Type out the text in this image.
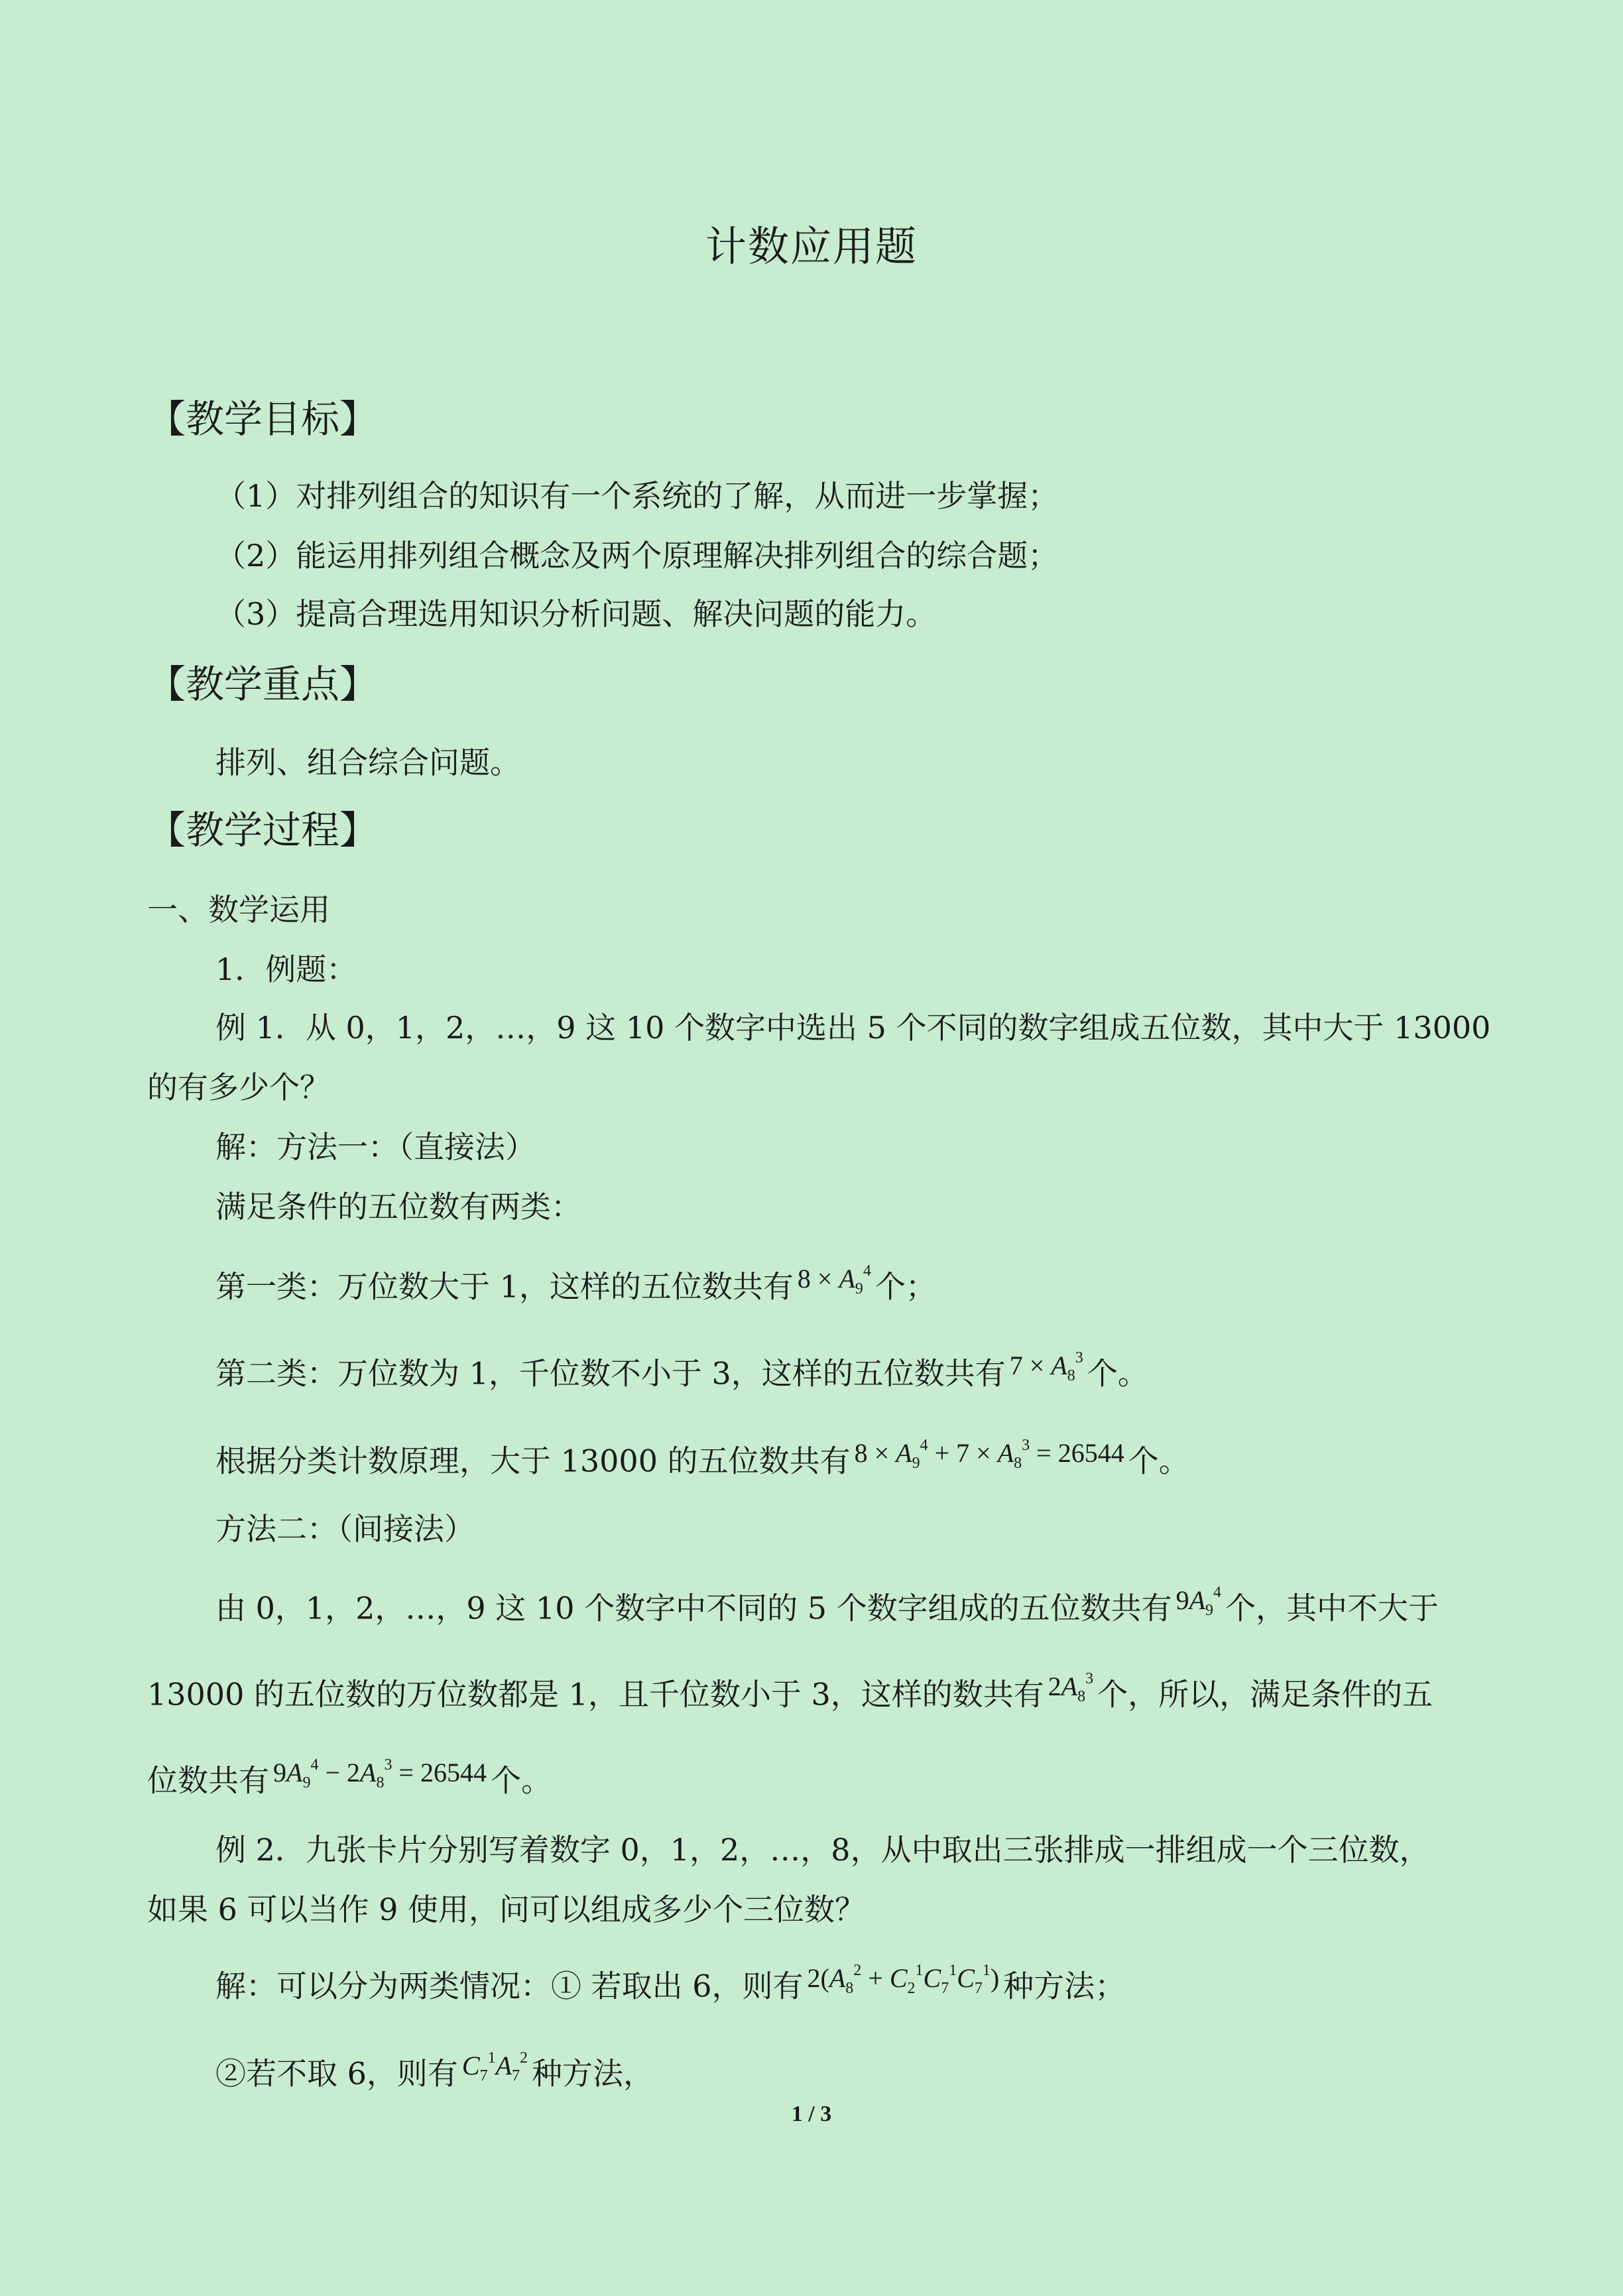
计数应用题
【教学目标】
（1）对排列组合的知识有一个系统的了解，从而进一步掌握；
（2）能运用排列组合概念及两个原理解决排列组合的综合题；
（3）提高合理选用知识分析问题、解决问题的能力。
【教学重点】
排列、组合综合问题。
【教学过程】
一、数学运用
1．例题：
例 1．从 0，1，2，…，9 这 10 个数字中选出 5 个不同的数字组成五位数，其中大于 13000
的有多少个？
解：方法一：（直接法）
满足条件的五位数有两类：
第一类：万位数大于 1，这样的五位数共有 $8 \times A_9^4$ 个；
第二类：万位数为 1，千位数不小于 3，这样的五位数共有 $7 \times A_8^3$ 个。
根据分类计数原理，大于 13000 的五位数共有 $8 \times A_9^4 + 7 \times A_8^3 = 26544$ 个。
方法二：（间接法）
由 0，1，2，…，9 这 10 个数字中不同的 5 个数字组成的五位数共有 $9A_9^4$ 个，其中不大于
13000 的五位数的万位数都是 1，且千位数小于 3，这样的数共有 $2A_8^3$ 个，所以，满足条件的五
位数共有 $9A_9^4 - 2A_8^3 = 26544$ 个。
例 2．九张卡片分别写着数字 0，1，2，…，8，从中取出三张排成一排组成一个三位数，
如果 6 可以当作 9 使用，问可以组成多少个三位数？
解：可以分为两类情况：① 若取出 6，则有 $2(A_8^2 + C_2^1C_7^1C_7^1)$ 种方法；
②若不取 6，则有 $C_7^1A_7^2$ 种方法，
1 / 3
